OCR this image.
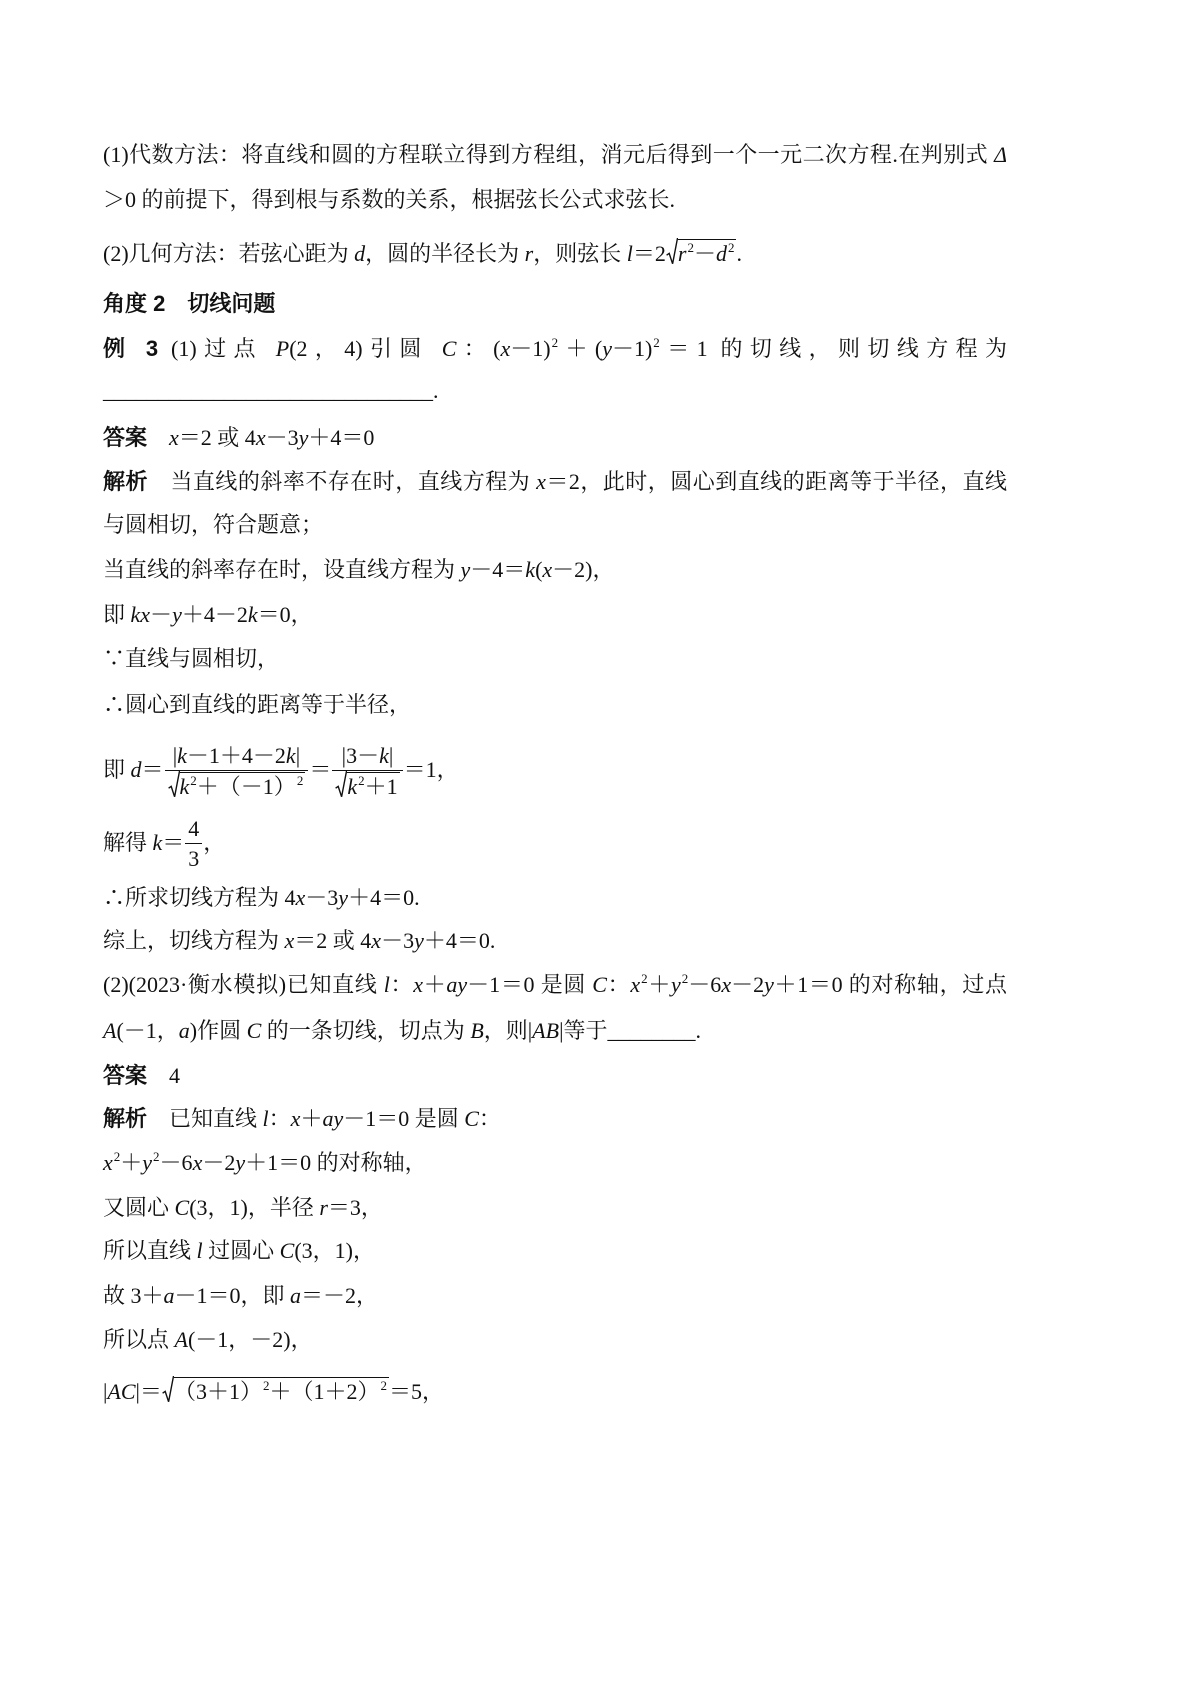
(1)代数方法：将直线和圆的方程联立得到方程组，消元后得到一个一元二次方程.在判别式 Δ
＞0 的前提下，得到根与系数的关系，根据弦长公式求弦长.
(2)几何方法：若弦心距为 d，圆的半径长为 r，则弦长 l＝2 $r^2-d^2$.
角度 2　切线问题
例 3 (1)过点 P(2，4)引圆 C：$(x-1)^2+(y-1)^2=1$ 的切线，则切线方程为
______________________________.
答案　 x＝2 或 4x－3y＋4＝0
解析　当直线的斜率不存在时，直线方程为 x＝2，此时，圆心到直线的距离等于半径，直线
与圆相切，符合题意；
当直线的斜率存在时，设直线方程为 y－4＝k(x－2)，
即 kx－y＋4－2k＝0，
∵直线与圆相切，
∴圆心到直线的距离等于半径，
即 $d= \frac{|k-1+4-2k|}{k^2+(-1)^2} = \frac{|3-k|}{k^2+1} =1$，
解得 $k= \frac{4}{3}$ ，
∴所求切线方程为 4x－3y＋4＝0.
综上，切线方程为 x＝2 或 4x－3y＋4＝0.
(2)(2023·衡水模拟)已知直线 l：x＋ay－1＝0 是圆 C：$x^2+y^2-6x-2y+1=0$ 的对称轴，过点
A(－1，a)作圆 C 的一条切线，切点为 B，则|AB|等于________.
答案　4
解析　已知直线 l：x＋ay－1＝0 是圆 C：
$x^2+y^2-6x-2y+1=0$ 的对称轴，
又圆心 C(3，1)，半径 r＝3，
所以直线 l 过圆心 C(3，1)，
故 3＋a－1＝0，即 a＝－2，
所以点 A(－1，－2)，
$|AC|= (3+1)^2+(1+2)^2=5$，
